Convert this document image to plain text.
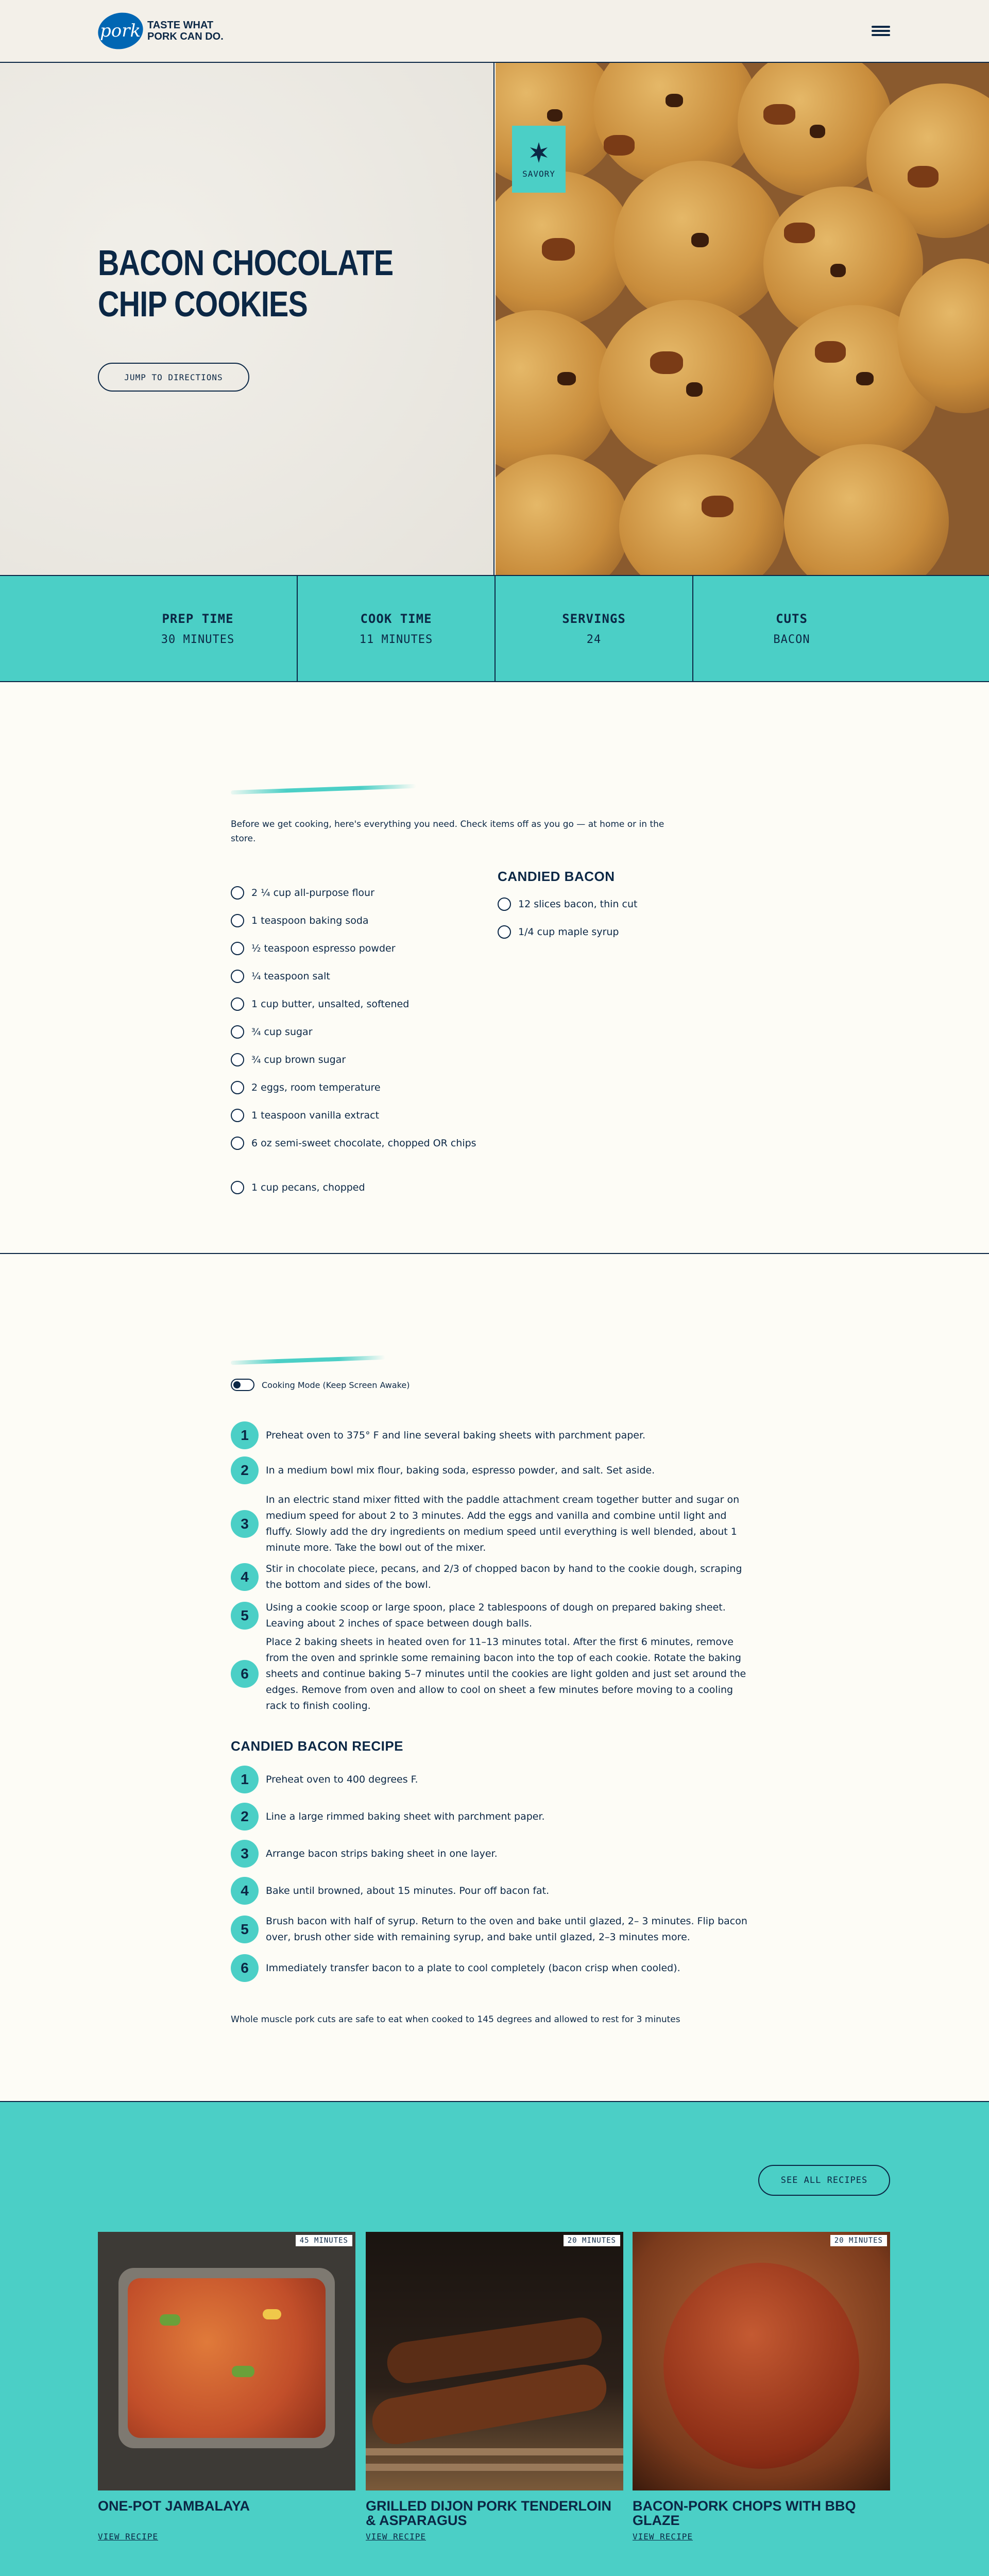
pork TASTE WHAT PORK CAN DO.
BACON CHOCOLATE CHIP COOKIES
JUMP TO DIRECTIONS
SAVORY
PREP TIME
30 MINUTES
COOK TIME
11 MINUTES
SERVINGS
24
CUTS
BACON

Before we get cooking, here's everything you need. Check items off as you go — at home or in the store.

2 ¼ cup all-purpose flour
1 teaspoon baking soda
½ teaspoon espresso powder
¼ teaspoon salt
1 cup butter, unsalted, softened
¾ cup sugar
¾ cup brown sugar
2 eggs, room temperature
1 teaspoon vanilla extract
6 oz semi-sweet chocolate, chopped OR chips
1 cup pecans, chopped
CANDIED BACON
12 slices bacon, thin cut
1/4 cup maple syrup
Cooking Mode (Keep Screen Awake)
1	Preheat oven to 375° F and line several baking sheets with parchment paper.
2	In a medium bowl mix flour, baking soda, espresso powder, and salt. Set aside.
3
In an electric stand mixer fitted with the paddle attachment cream together butter and sugar on medium speed for about 2 to 3 minutes. Add the eggs and vanilla and combine until light and fluffy. Slowly add the dry ingredients on medium speed until everything is well blended, about 1 minute more. Take the bowl out of the mixer.
4	Stir in chocolate piece, pecans, and 2/3 of chopped bacon by hand to the cookie dough, scraping the bottom and sides of the bowl.
5	Using a cookie scoop or large spoon, place 2 tablespoons of dough on prepared baking sheet. Leaving about 2 inches of space between dough balls.
6
Place 2 baking sheets in heated oven for 11–13 minutes total. After the first 6 minutes, remove from the oven and sprinkle some remaining bacon into the top of each cookie. Rotate the baking sheets and continue baking 5–7 minutes until the cookies are light golden and just set around the edges. Remove from oven and allow to cool on sheet a few minutes before moving to a cooling rack to finish cooling.
CANDIED BACON RECIPE
1	Preheat oven to 400 degrees F.
2	Line a large rimmed baking sheet with parchment paper.
3	Arrange bacon strips baking sheet in one layer.
4	Bake until browned, about 15 minutes. Pour off bacon fat.
5	Brush bacon with half of syrup. Return to the oven and bake until glazed, 2– 3 minutes. Flip bacon over, brush other side with remaining syrup, and bake until glazed, 2–3 minutes more.
6	Immediately transfer bacon to a plate to cool completely (bacon crisp when cooled).

Whole muscle pork cuts are safe to eat when cooked to 145 degrees and allowed to rest for 3 minutes

SEE ALL RECIPES
45 MINUTES
ONE-POT JAMBALAYA
VIEW RECIPE
20 MINUTES
GRILLED DIJON PORK TENDERLOIN & ASPARAGUS
VIEW RECIPE
20 MINUTES
BACON-PORK CHOPS WITH BBQ GLAZE
VIEW RECIPE
